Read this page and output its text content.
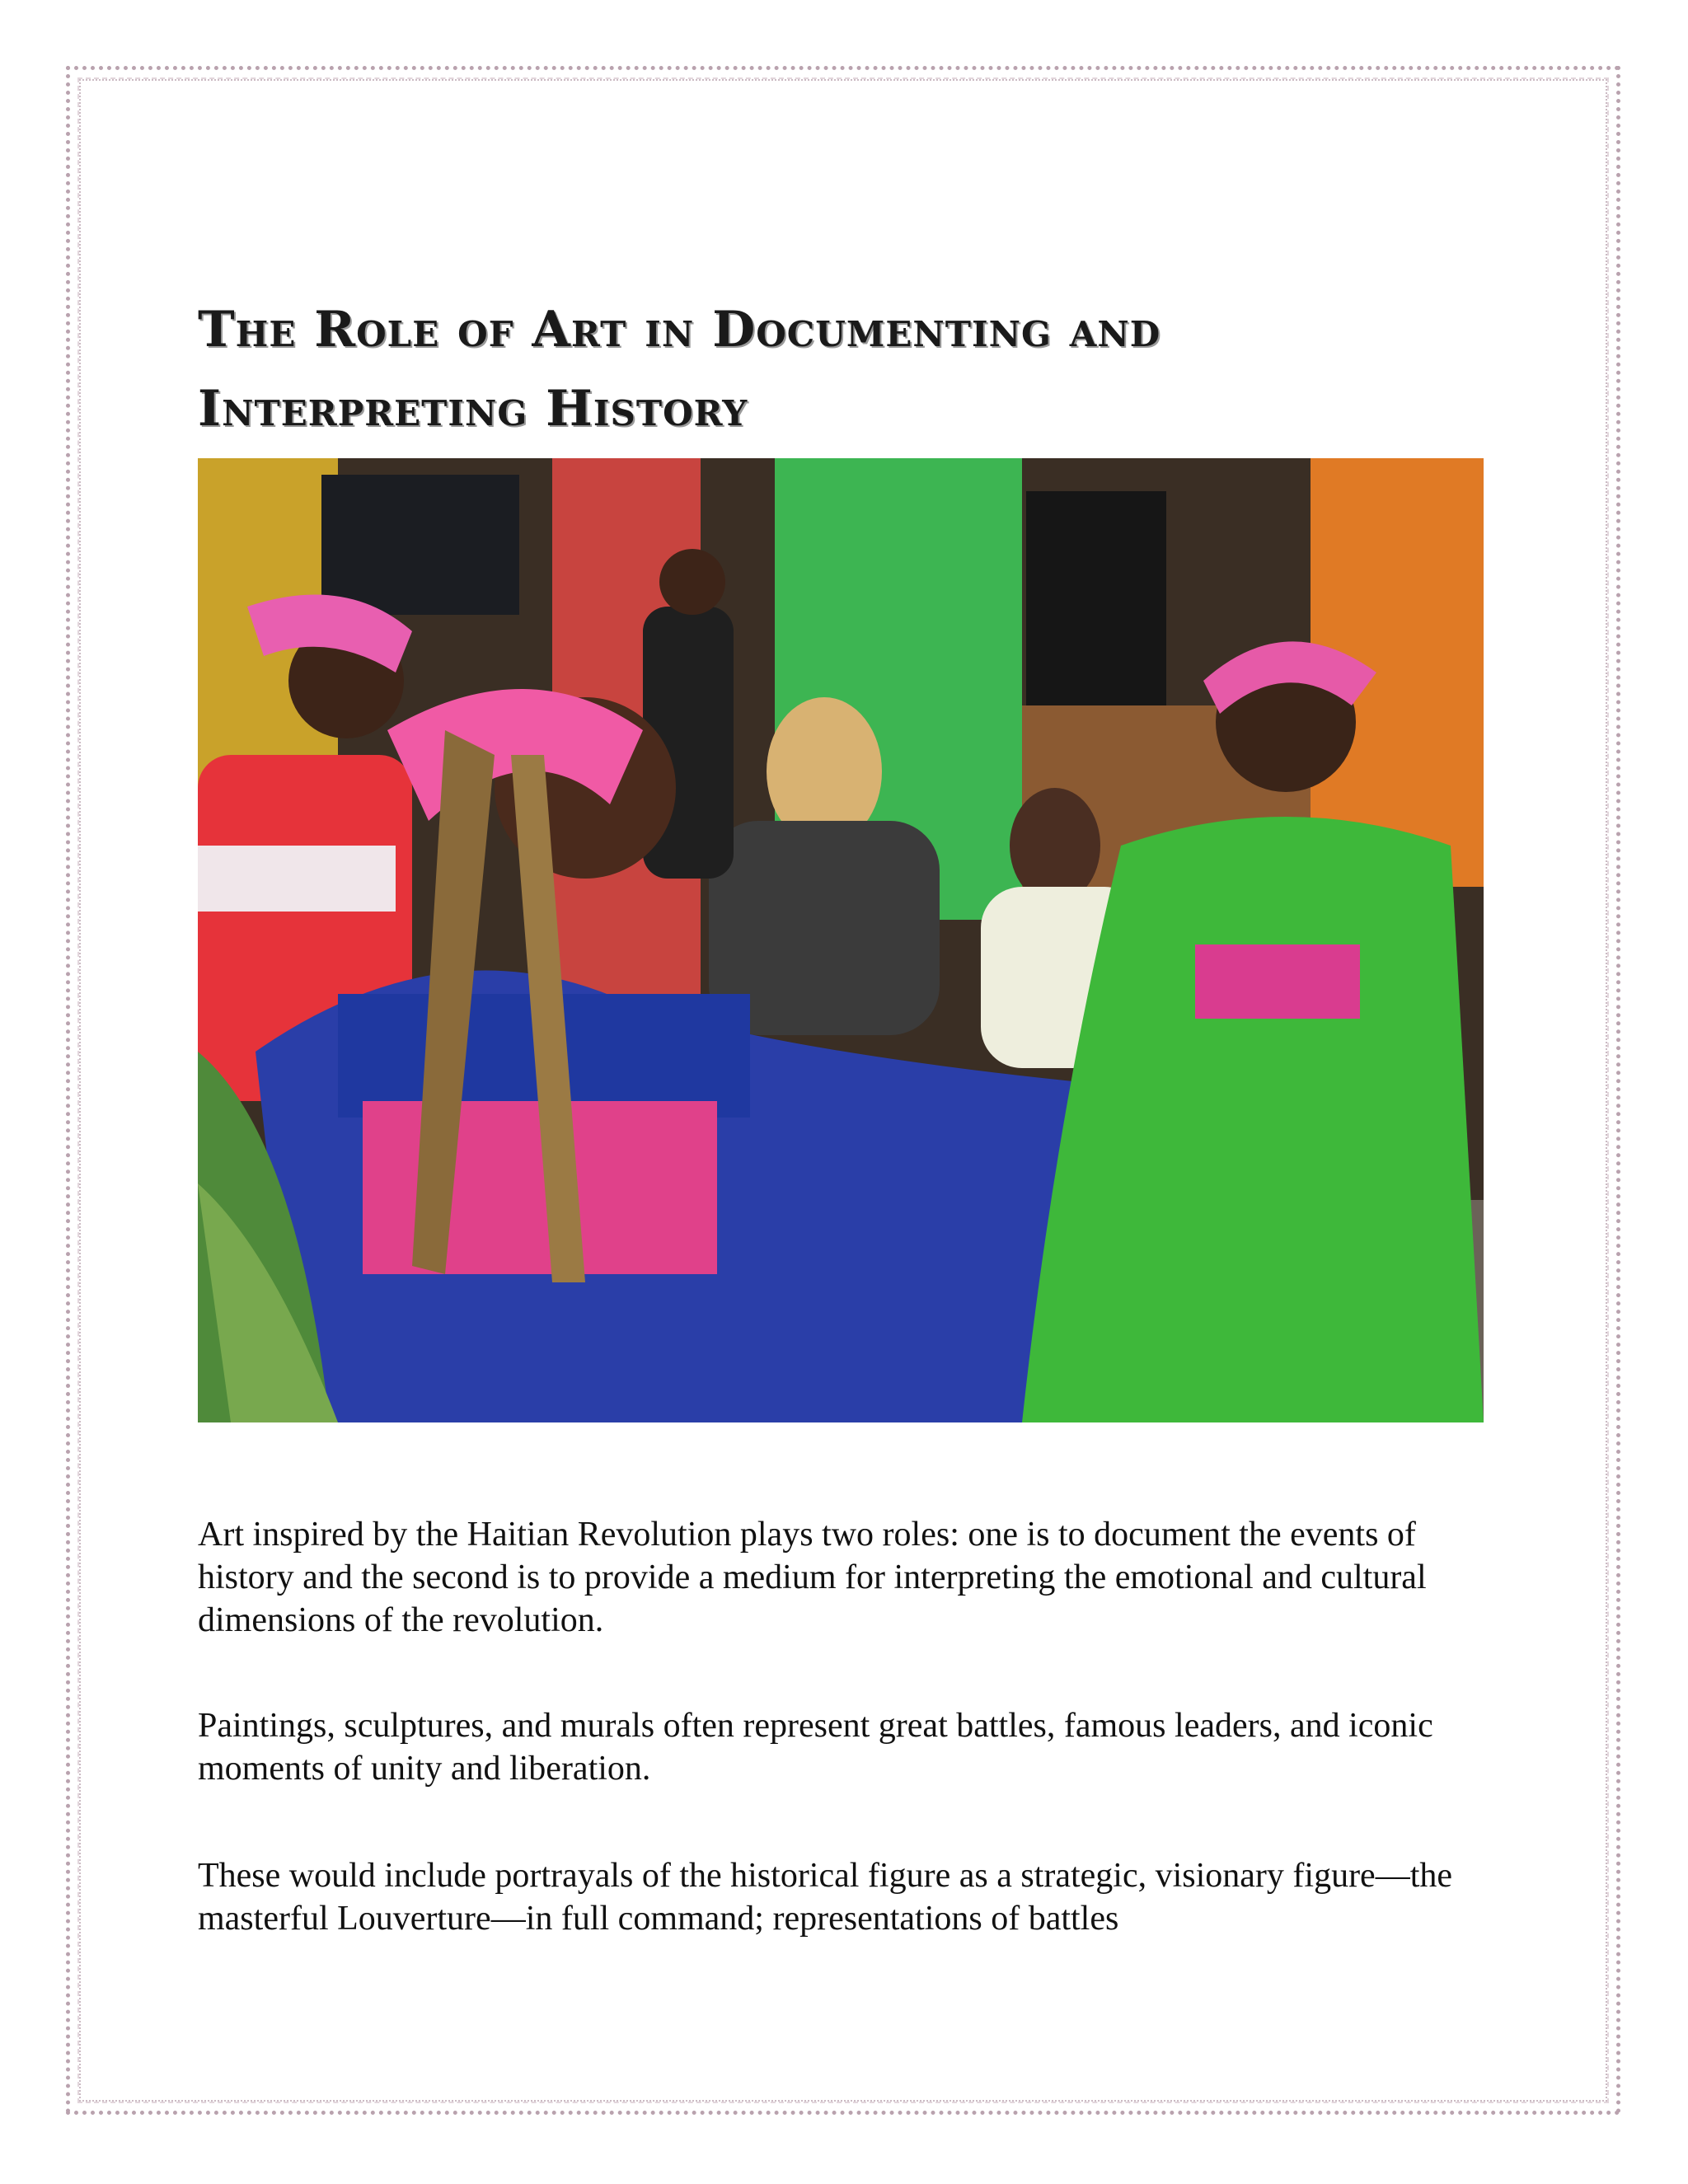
The Role of Art in Documenting and Interpreting History

Art inspired by the Haitian Revolution plays two roles: one is to document the events of history and the second is to provide a medium for interpreting the emotional and cultural dimensions of the revolution.

Paintings, sculptures, and murals often represent great battles, famous leaders, and iconic moments of unity and liberation.

These would include portrayals of the historical figure as a strategic, visionary figure—the masterful Louverture—in full command; representations of battles
